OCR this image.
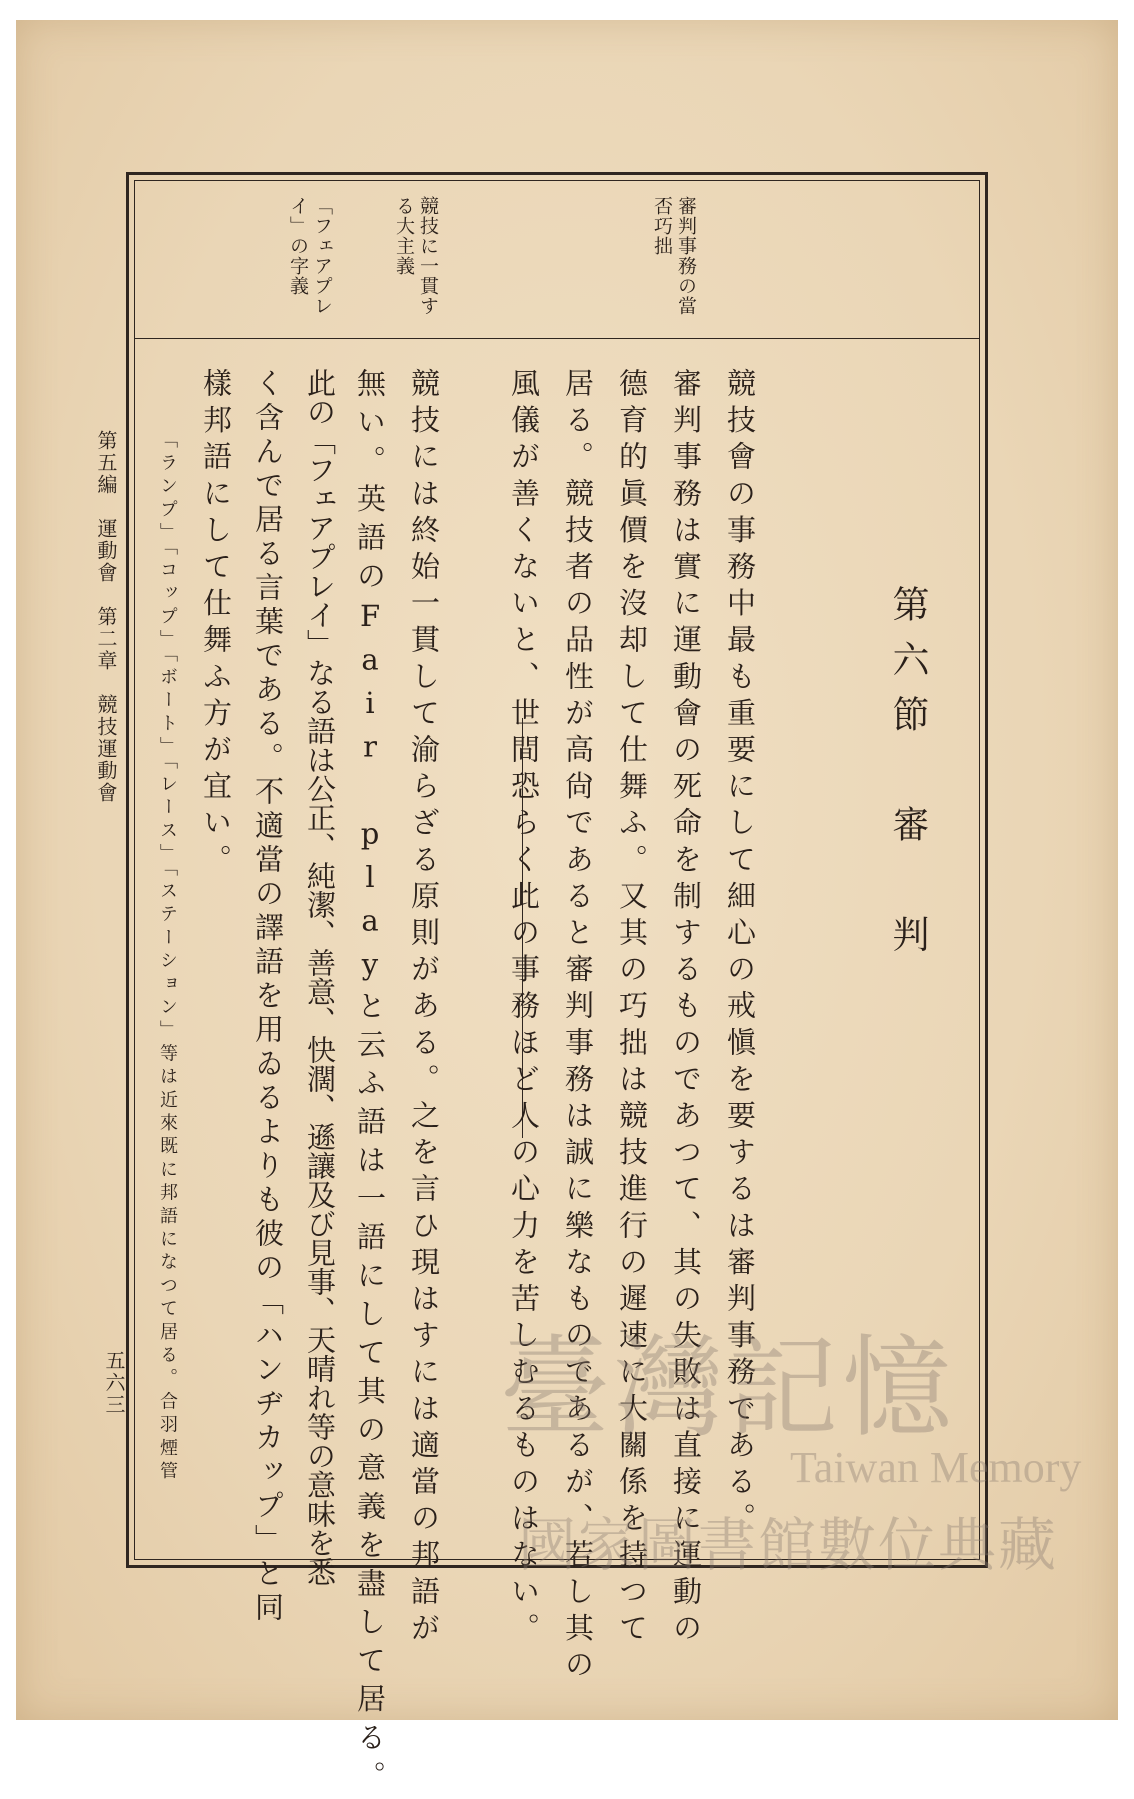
審判事務の當否巧拙
競技に一貫する大主義
「フェアプレイ」の字義
第六節　審　判
競技會の事務中最も重要にして細心の戒愼を要するは審判事務である。
審判事務は實に運動會の死命を制するものであつて、其の失敗は直接に運動の
德育的眞價を沒却して仕舞ふ。又其の巧拙は競技進行の遲速に大關係を持つて
居る。競技者の品性が高尙であると審判事務は誠に樂なものであるが、若し其の
風儀が善くないと、世間恐らく此の事務ほど人の心力を苦しむるものはない。
競技には終始一貫して渝らざる原則がある。之を言ひ現はすには適當の邦語が
無い。英語のFair playと云ふ語は一語にして其の意義を盡して居る。
此の「フェアプレイ」なる語は公正、純潔、善意、快濶、遜讓及び見事、天晴れ等の意味を悉
く含んで居る言葉である。不適當の譯語を用ゐるよりも彼の「ハンヂカップ」と同
樣邦語にして仕舞ふ方が宜い。
「ランプ」「コップ」「ボート」「レース」「ステーション」等は近來既に邦語になつて居る。合羽煙管
第五編　運動會　第二章　競技運動會
五六三	臺灣記憶
Taiwan Memory
國家圖書館數位典藏
